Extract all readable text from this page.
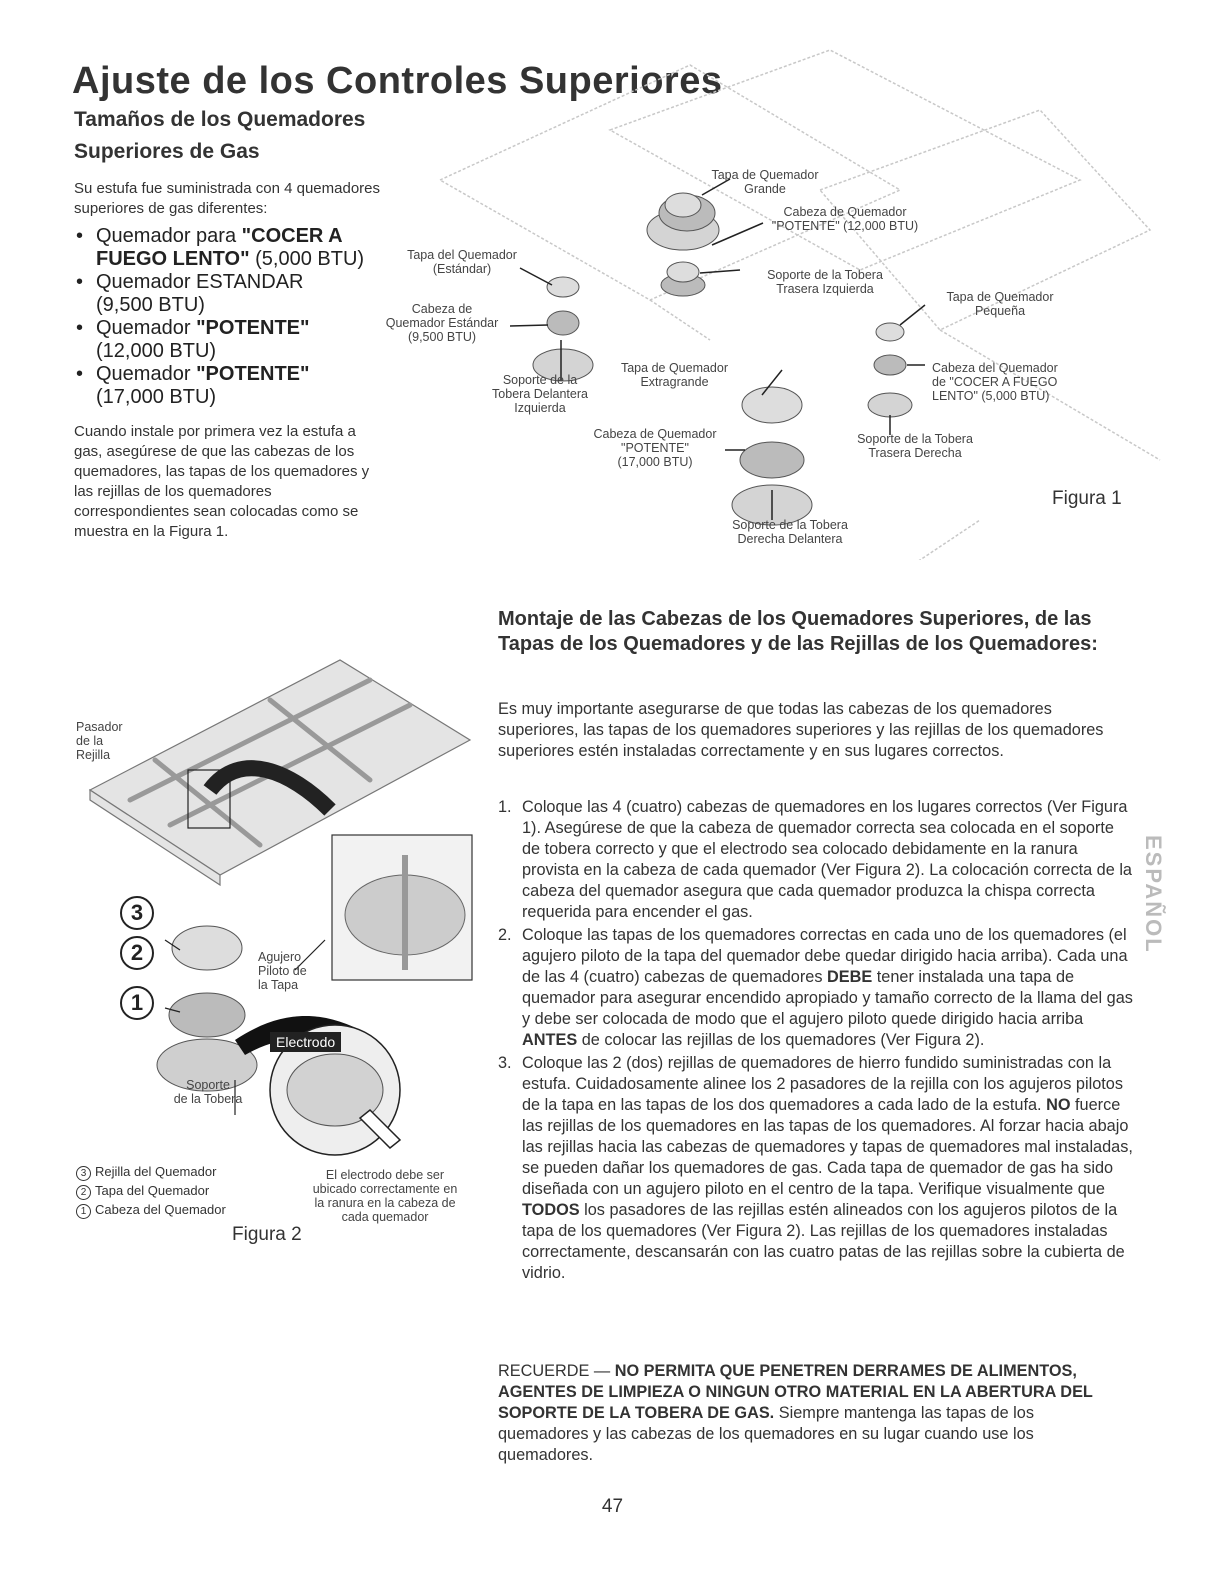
Ajuste de los Controles Superiores
Tamaños de los Quemadores
Superiores de Gas
Su estufa fue suministrada con 4 quemadores superiores de gas diferentes:
• Quemador para "COCER A FUEGO LENTO" (5,000 BTU)
• Quemador ESTANDAR (9,500 BTU)
• Quemador "POTENTE" (12,000 BTU)
• Quemador "POTENTE" (17,000 BTU)
Cuando instale por primera vez la estufa a gas, asegúrese de que las cabezas de los quemadores, las tapas de los quemadores y las rejillas de los quemadores correspondientes sean colocadas como se muestra en la Figura 1.
Tapa de Quemador
Grande
Cabeza de Quemador
"POTENTE" (12,000 BTU)
Tapa del Quemador
(Estándar)	Soporte de la Tobera
Trasera Izquierda
Tapa de Quemador
Pequeña
Cabeza de
Quemador Estándar
(9,500 BTU)
Tapa de Quemador
Extragrande
Cabeza del Quemador
de "COCER A FUEGO
LENTO" (5,000 BTU)
Soporte de la
Tobera Delantera
Izquierda
Cabeza de Quemador
"POTENTE"
(17,000 BTU)
Soporte de la Tobera
Trasera Derecha
Soporte de la Tobera
Derecha Delantera
Figura 1
Pasador
de la
Rejilla
Agujero
Piloto de
la Tapa
Electrodo
Soporte
de la Tobera
El electrodo debe ser
ubicado correctamente en
la ranura en la cabeza de
cada quemador
3
2
1
3 Rejilla del Quemador
2 Tapa del Quemador
1 Cabeza del Quemador
Figura 2
Montaje de las Cabezas de los Quemadores Superiores, de las Tapas de los Quemadores y de las Rejillas de los Quemadores:
Es muy importante asegurarse de que todas las cabezas de los quemadores superiores, las tapas de los quemadores superiores y las rejillas de los quemadores superiores estén instaladas correctamente y en sus lugares correctos.
1. Coloque las 4 (cuatro) cabezas de quemadores en los lugares correctos (Ver Figura 1). Asegúrese de que la cabeza de quemador correcta sea colocada en el soporte de tobera correcto y que el electrodo sea colocado debidamente en la ranura provista en la cabeza de cada quemador (Ver Figura 2). La colocación correcta de la cabeza del quemador asegura que cada quemador produzca la chispa correcta requerida para encender el gas.
2. Coloque las tapas de los quemadores correctas en cada uno de los quemadores (el agujero piloto de la tapa del quemador debe quedar dirigido hacia arriba). Cada una de las 4 (cuatro) cabezas de quemadores DEBE tener instalada una tapa de quemador para asegurar encendido apropiado y tamaño correcto de la llama del gas y debe ser colocada de modo que el agujero piloto quede dirigido hacia arriba ANTES de colocar las rejillas de los quemadores (Ver Figura 2).
3. Coloque las 2 (dos) rejillas de quemadores de hierro fundido suministradas con la estufa. Cuidadosamente alinee los 2 pasadores de la rejilla con los agujeros pilotos de la tapa en las tapas de los dos quemadores a cada lado de la estufa. NO fuerce las rejillas de los quemadores en las tapas de los quemadores. Al forzar hacia abajo las rejillas hacia las cabezas de quemadores y tapas de quemadores mal instaladas, se pueden dañar los quemadores de gas. Cada tapa de quemador de gas ha sido diseñada con un agujero piloto en el centro de la tapa. Verifique visualmente que TODOS los pasadores de las rejillas estén alineados con los agujeros pilotos de la tapa de los quemadores (Ver Figura 2). Las rejillas de los quemadores instaladas correctamente, descansarán con las cuatro patas de las rejillas sobre la cubierta de vidrio.
RECUERDE — NO PERMITA QUE PENETREN DERRAMES DE ALIMENTOS, AGENTES DE LIMPIEZA O NINGUN OTRO MATERIAL EN LA ABERTURA DEL SOPORTE DE LA TOBERA DE GAS. Siempre mantenga las tapas de los quemadores y las cabezas de los quemadores en su lugar cuando use los quemadores.
ESPAÑOL
47
